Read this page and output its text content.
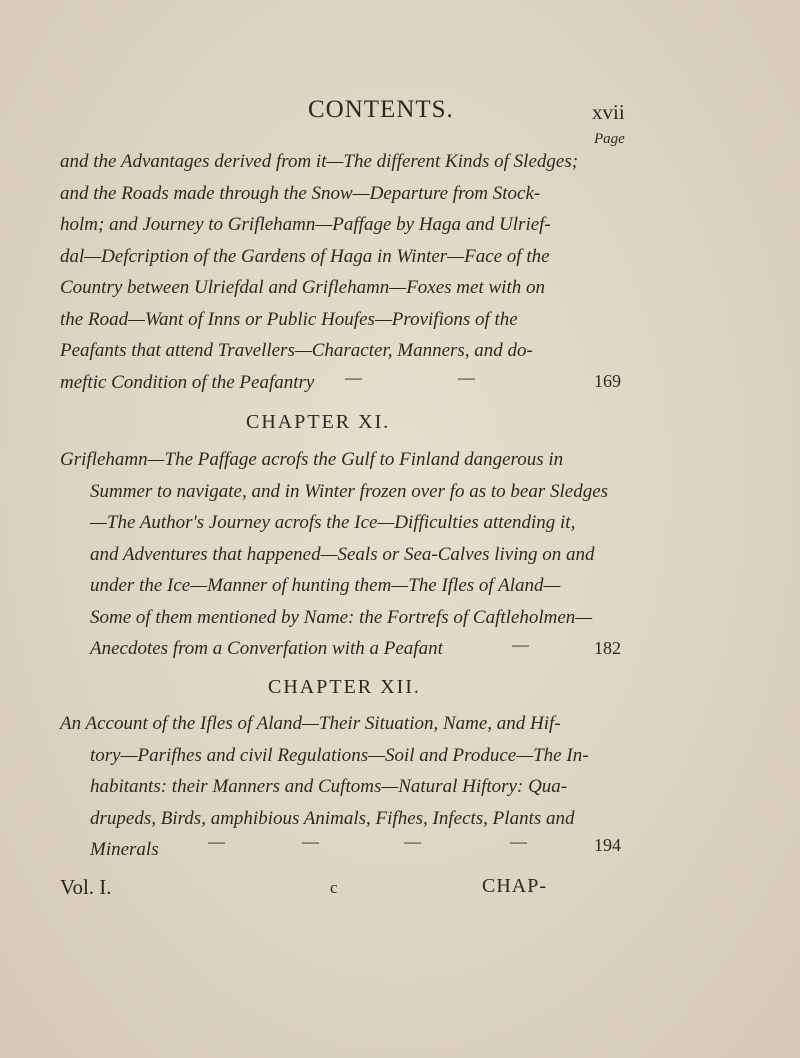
CONTENTS.	xvii
Page
and the Advantages derived from it—The different Kinds of Sledges;
and the Roads made through the Snow—Departure from Stock-
holm; and Journey to Griflehamn—Paffage by Haga and Ulrief-
dal—Defcription of the Gardens of Haga in Winter—Face of the
Country between Ulriefdal and Griflehamn—Foxes met with on
the Road—Want of Inns or Public Houfes—Provifions of the
Peafants that attend Travellers—Character, Manners, and do-
meftic Condition of the Peafantry	—	—	169
CHAPTER XI.
Griflehamn—The Paffage acrofs the Gulf to Finland dangerous in
Summer to navigate, and in Winter frozen over fo as to bear Sledges
—The Author's Journey acrofs the Ice—Difficulties attending it,
and Adventures that happened—Seals or Sea-Calves living on and
under the Ice—Manner of hunting them—The Ifles of Aland—
Some of them mentioned by Name: the Fortrefs of Caftleholmen—
Anecdotes from a Converfation with a Peafant	—	182
CHAPTER XII.
An Account of the Ifles of Aland—Their Situation, Name, and Hif-
tory—Parifhes and civil Regulations—Soil and Produce—The In-
habitants: their Manners and Cuftoms—Natural Hiftory: Qua-
drupeds, Birds, amphibious Animals, Fifhes, Infects, Plants and
Minerals	—	—	—	—	194
Vol. I.	c	CHAP-
